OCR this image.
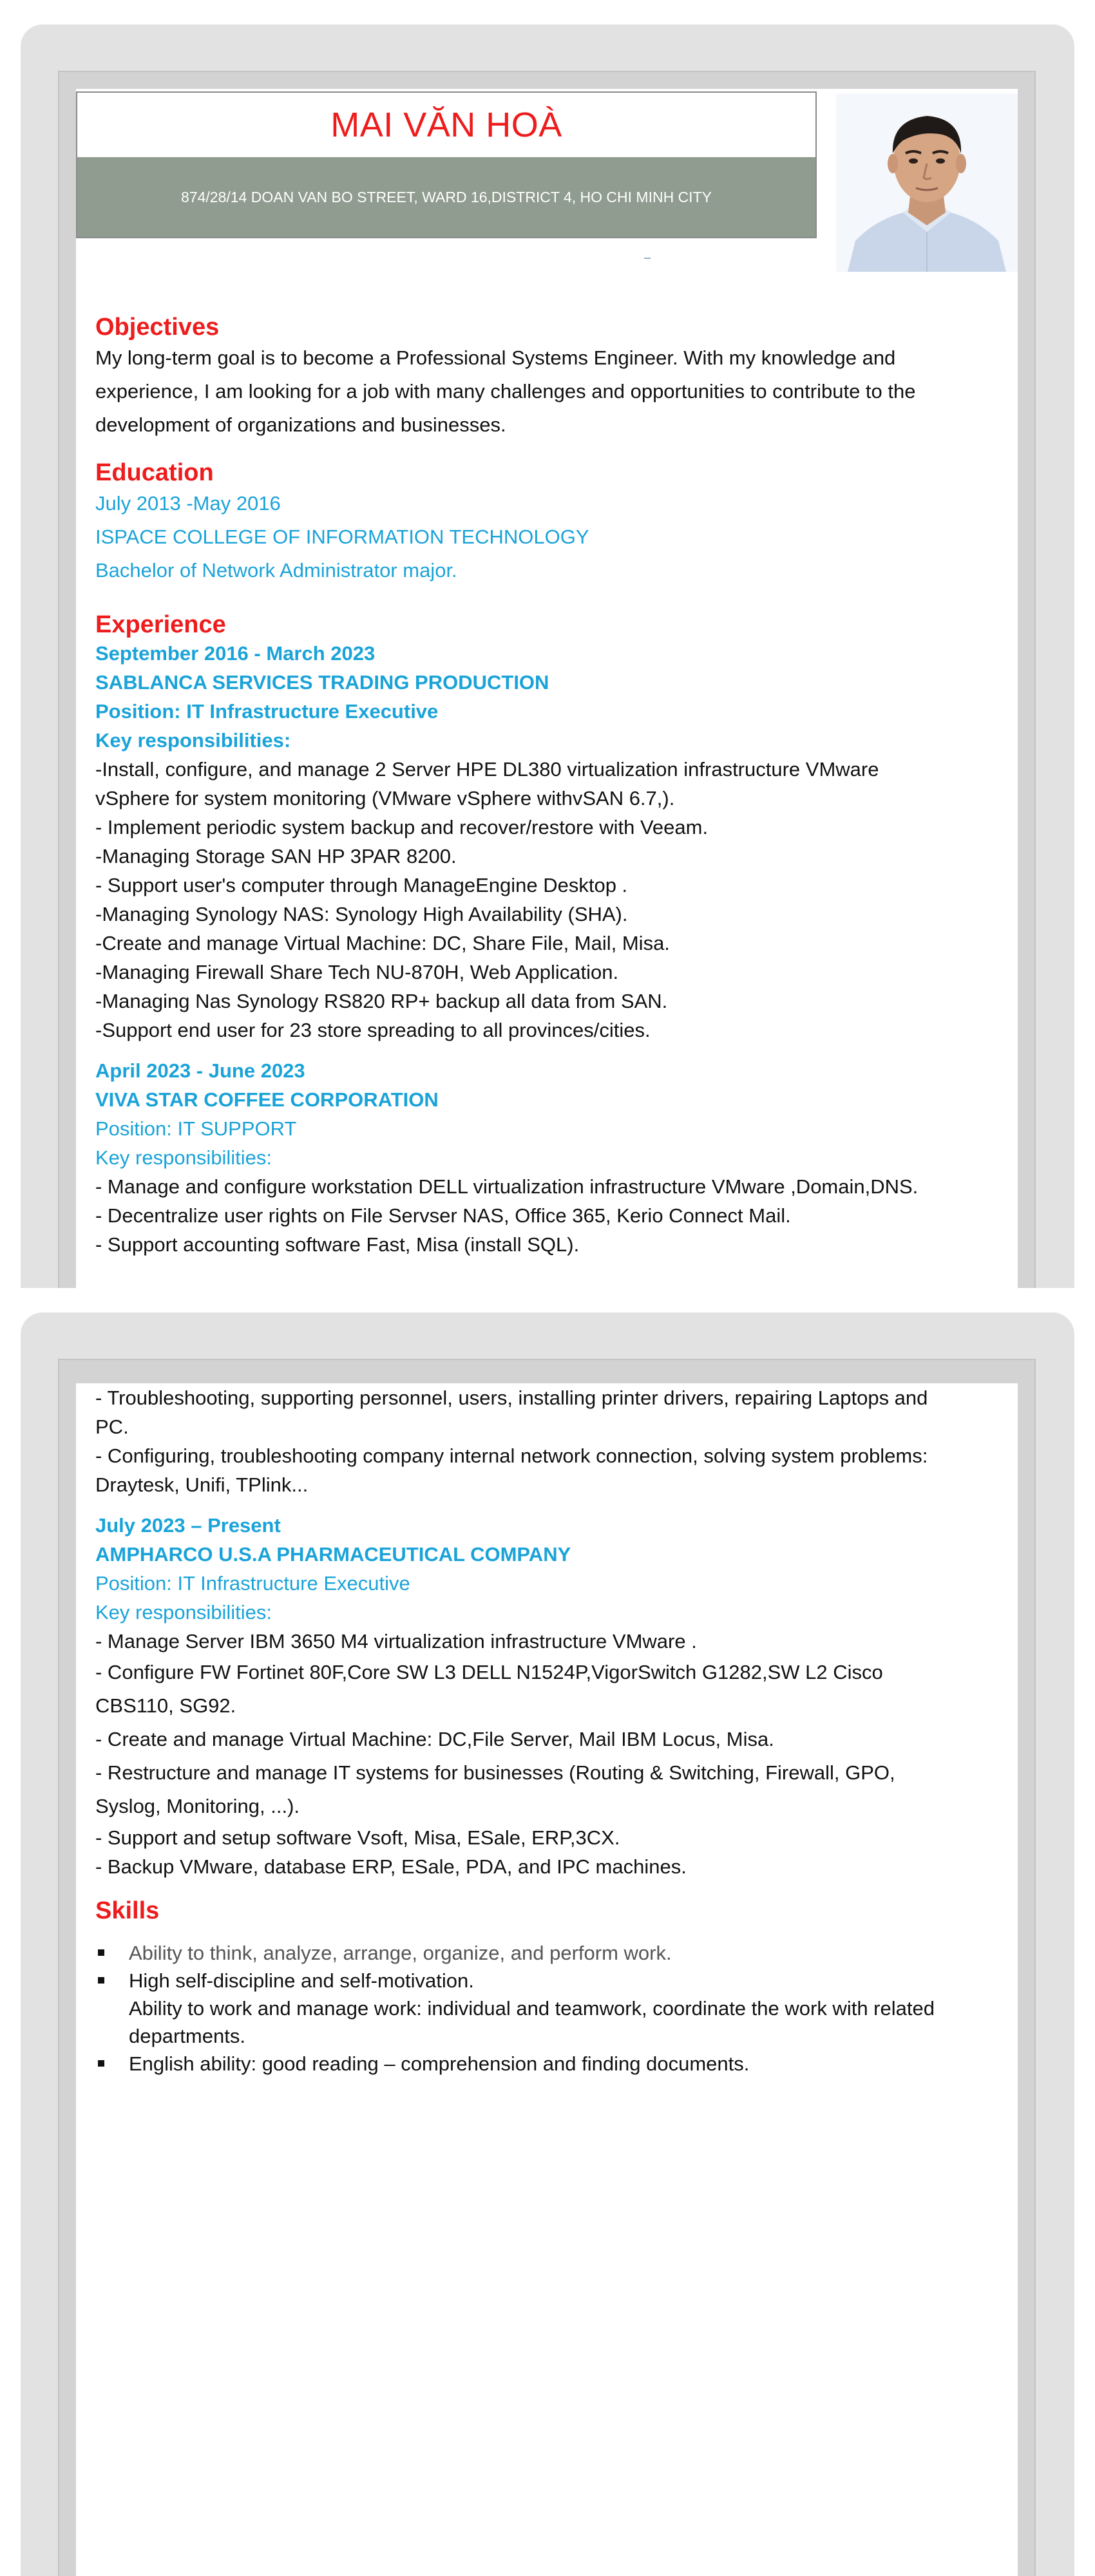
MAI VĂN HOÀ
874/28/14 DOAN VAN BO STREET, WARD 16,DISTRICT 4, HO CHI MINH CITY
Objectives

My long-term goal is to become a Professional Systems Engineer. With my knowledge and experience, I am looking for a job with many challenges and opportunities to contribute to the development of organizations and businesses.

Education

July 2013 -May 2016

ISPACE COLLEGE OF INFORMATION TECHNOLOGY

Bachelor of Network Administrator major.

Experience

September 2016 - March 2023

SABLANCA SERVICES TRADING PRODUCTION

Position: IT Infrastructure Executive

Key responsibilities:

-Install, configure, and manage 2 Server HPE DL380 virtualization infrastructure VMware

vSphere for system monitoring (VMware vSphere withvSAN 6.7,).

- Implement periodic system backup and recover/restore with Veeam.

-Managing Storage SAN HP 3PAR 8200.

- Support user's computer through ManageEngine Desktop .

-Managing Synology NAS: Synology High Availability (SHA).

-Create and manage Virtual Machine: DC, Share File, Mail, Misa.

-Managing Firewall Share Tech NU-870H, Web Application.

-Managing Nas Synology RS820 RP+ backup all data from SAN.

-Support end user for 23 store spreading to all provinces/cities.

April 2023 - June 2023

VIVA STAR COFFEE CORPORATION

Position: IT SUPPORT

Key responsibilities:

- Manage and configure workstation DELL virtualization infrastructure VMware ,Domain,DNS.

- Decentralize user rights on File Servser NAS, Office 365, Kerio Connect Mail.

- Support accounting software Fast, Misa (install SQL).

- Troubleshooting, supporting personnel, users, installing printer drivers, repairing Laptops and

PC.

- Configuring, troubleshooting company internal network connection, solving system problems:

Draytesk, Unifi, TPlink...

July 2023 – Present

AMPHARCO U.S.A PHARMACEUTICAL COMPANY

Position: IT Infrastructure Executive

Key responsibilities:

- Manage Server IBM 3650 M4 virtualization infrastructure VMware .

- Configure FW Fortinet 80F,Core SW L3 DELL N1524P,VigorSwitch G1282,SW L2 Cisco

CBS110, SG92.

- Create and manage Virtual Machine: DC,File Server, Mail IBM Locus, Misa.

- Restructure and manage IT systems for businesses (Routing & Switching, Firewall, GPO,

Syslog, Monitoring, ...).

- Support and setup software Vsoft, Misa, ESale, ERP,3CX.

- Backup VMware, database ERP, ESale, PDA, and IPC machines.

Skills
Ability to think, analyze, arrange, organize, and perform work.
High self-discipline and self-motivation.
Ability to work and manage work: individual and teamwork, coordinate the work with related
departments.
English ability: good reading – comprehension and finding documents.
